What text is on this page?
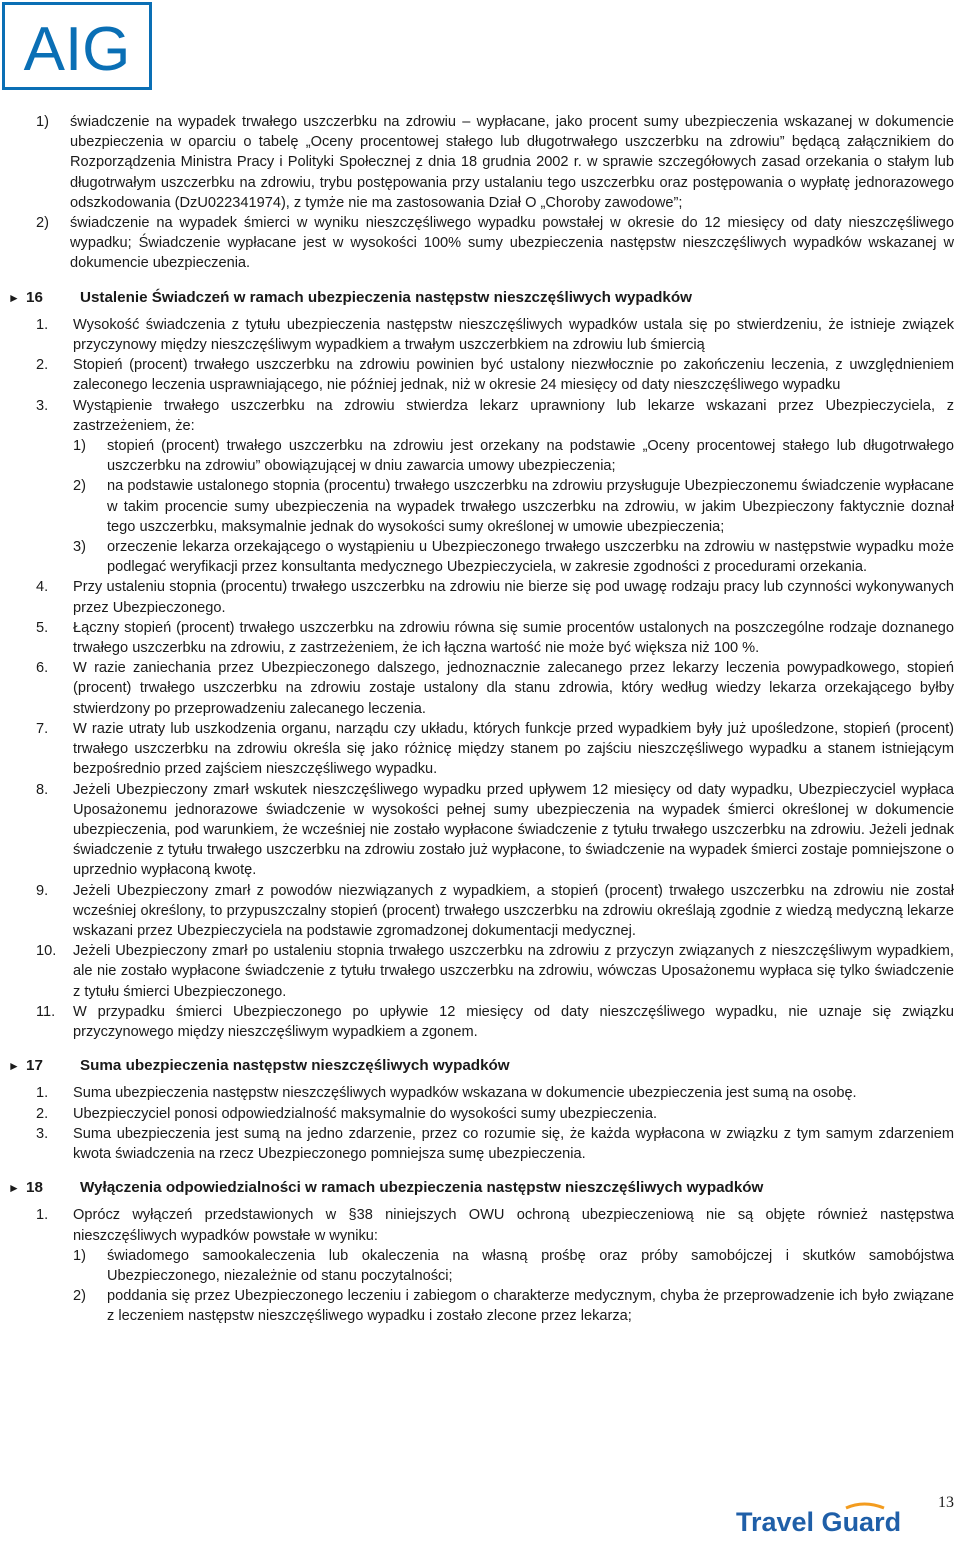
AIG
1)	świadczenie na wypadek trwałego uszczerbku na zdrowiu – wypłacane, jako procent sumy ubezpieczenia wskazanej w dokumencie ubezpieczenia w oparciu o tabelę „Oceny procentowej stałego lub długotrwałego uszczerbku na zdrowiu” będącą załącznikiem do Rozporządzenia Ministra Pracy i Polityki Społecznej z dnia 18 grudnia 2002 r. w sprawie szczegółowych zasad orzekania o stałym lub długotrwałym uszczerbku na zdrowiu, trybu postępowania przy ustalaniu tego uszczerbku oraz postępowania o wypłatę jednorazowego odszkodowania (DzU022341974), z tymże nie ma zastosowania Dział O „Choroby zawodowe”;
2)	świadczenie na wypadek śmierci w wyniku nieszczęśliwego wypadku powstałej w okresie do 12 miesięcy od daty nieszczęśliwego wypadku; Świadczenie wypłacane jest w wysokości 100% sumy ubezpieczenia następstw nieszczęśliwych wypadków wskazanej w dokumencie ubezpieczenia.
► 16	Ustalenie Świadczeń w ramach ubezpieczenia następstw nieszczęśliwych wypadków
1.	Wysokość świadczenia z tytułu ubezpieczenia następstw nieszczęśliwych wypadków ustala się po stwierdzeniu, że istnieje związek przyczynowy między nieszczęśliwym wypadkiem a trwałym uszczerbkiem na zdrowiu lub śmiercią
2.	Stopień (procent) trwałego uszczerbku na zdrowiu powinien być ustalony niezwłocznie po zakończeniu leczenia, z uwzględnieniem zaleconego leczenia usprawniającego, nie później jednak, niż w okresie 24 miesięcy od daty nieszczęśliwego wypadku
3.	Wystąpienie trwałego uszczerbku na zdrowiu stwierdza lekarz uprawniony lub lekarze wskazani przez Ubezpieczyciela, z zastrzeżeniem, że:
1)	stopień (procent) trwałego uszczerbku na zdrowiu jest orzekany na podstawie „Oceny procentowej stałego lub długotrwałego uszczerbku na zdrowiu” obowiązującej w dniu zawarcia umowy ubezpieczenia;
2)	na podstawie ustalonego stopnia (procentu) trwałego uszczerbku na zdrowiu przysługuje Ubezpieczonemu świadczenie wypłacane w takim procencie sumy ubezpieczenia na wypadek trwałego uszczerbku na zdrowiu, w jakim Ubezpieczony faktycznie doznał tego uszczerbku, maksymalnie jednak do wysokości sumy określonej w umowie ubezpieczenia;
3)	orzeczenie lekarza orzekającego o wystąpieniu u Ubezpieczonego trwałego uszczerbku na zdrowiu w następstwie wypadku może podlegać weryfikacji przez konsultanta medycznego Ubezpieczyciela, w zakresie zgodności z procedurami orzekania.
4.	Przy ustaleniu stopnia (procentu) trwałego uszczerbku na zdrowiu nie bierze się pod uwagę rodzaju pracy lub czynności wykonywanych przez Ubezpieczonego.
5.	Łączny stopień (procent) trwałego uszczerbku na zdrowiu równa się sumie procentów ustalonych na poszczególne rodzaje doznanego trwałego uszczerbku na zdrowiu, z zastrzeżeniem, że ich łączna wartość nie może być większa niż 100 %.
6.	W razie zaniechania przez Ubezpieczonego dalszego, jednoznacznie zalecanego przez lekarzy leczenia powypadkowego, stopień (procent) trwałego uszczerbku na zdrowiu zostaje ustalony dla stanu zdrowia, który według wiedzy lekarza orzekającego byłby stwierdzony po przeprowadzeniu zalecanego leczenia.
7.	W razie utraty lub uszkodzenia organu, narządu czy układu, których funkcje przed wypadkiem były już upośledzone, stopień (procent) trwałego uszczerbku na zdrowiu określa się jako różnicę między stanem po zajściu nieszczęśliwego wypadku a stanem istniejącym bezpośrednio przed zajściem nieszczęśliwego wypadku.
8.	Jeżeli Ubezpieczony zmarł wskutek nieszczęśliwego wypadku przed upływem 12 miesięcy od daty wypadku, Ubezpieczyciel wypłaca Uposażonemu jednorazowe świadczenie w wysokości pełnej sumy ubezpieczenia na wypadek śmierci określonej w dokumencie ubezpieczenia, pod warunkiem, że wcześniej nie zostało wypłacone świadczenie z tytułu trwałego uszczerbku na zdrowiu. Jeżeli jednak świadczenie z tytułu trwałego uszczerbku na zdrowiu zostało już wypłacone, to świadczenie na wypadek śmierci zostaje pomniejszone o uprzednio wypłaconą kwotę.
9.	Jeżeli Ubezpieczony zmarł z powodów niezwiązanych z wypadkiem, a stopień (procent) trwałego uszczerbku na zdrowiu nie został wcześniej określony, to przypuszczalny stopień (procent) trwałego uszczerbku na zdrowiu określają zgodnie z wiedzą medyczną lekarze wskazani przez Ubezpieczyciela na podstawie zgromadzonej dokumentacji medycznej.
10.	Jeżeli Ubezpieczony zmarł po ustaleniu stopnia trwałego uszczerbku na zdrowiu z przyczyn związanych z nieszczęśliwym wypadkiem, ale nie zostało wypłacone świadczenie z tytułu trwałego uszczerbku na zdrowiu, wówczas Uposażonemu wypłaca się tylko świadczenie z tytułu śmierci Ubezpieczonego.
11.	W przypadku śmierci Ubezpieczonego po upływie 12 miesięcy od daty nieszczęśliwego wypadku, nie uznaje się związku przyczynowego między nieszczęśliwym wypadkiem a zgonem.
► 17	Suma ubezpieczenia następstw nieszczęśliwych wypadków
1.	Suma ubezpieczenia następstw nieszczęśliwych wypadków wskazana w dokumencie ubezpieczenia jest sumą na osobę.
2.	Ubezpieczyciel ponosi odpowiedzialność maksymalnie do wysokości sumy ubezpieczenia.
3.	Suma ubezpieczenia jest sumą na jedno zdarzenie, przez co rozumie się, że każda wypłacona w związku z tym samym zdarzeniem kwota świadczenia na rzecz Ubezpieczonego pomniejsza sumę ubezpieczenia.
► 18	Wyłączenia odpowiedzialności w ramach ubezpieczenia następstw nieszczęśliwych wypadków
1.	Oprócz wyłączeń przedstawionych w §38 niniejszych OWU ochroną ubezpieczeniową nie są objęte również następstwa nieszczęśliwych wypadków powstałe w wyniku:
1)	świadomego samookaleczenia lub okaleczenia na własną prośbę oraz próby samobójczej i skutków samobójstwa Ubezpieczonego, niezależnie od stanu poczytalności;
2)	poddania się przez Ubezpieczonego leczeniu i zabiegom o charakterze medycznym, chyba że przeprowadzenie ich było związane z leczeniem następstw nieszczęśliwego wypadku i zostało zlecone przez lekarza;
13
Travel Guard
